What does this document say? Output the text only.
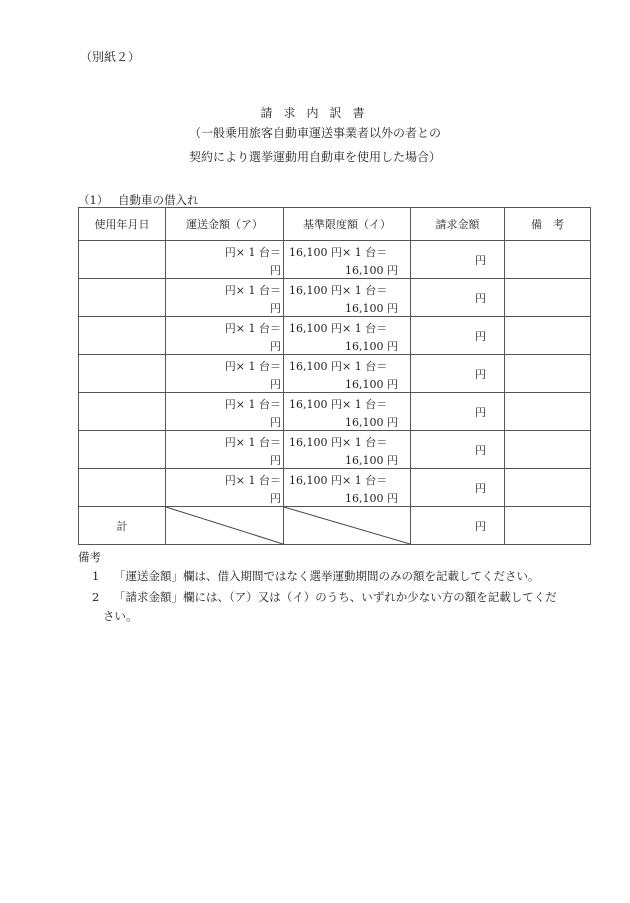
（別紙２）
請求内訳書
（一般乗用旅客自動車運送事業者以外の者との
契約により選挙運動用自動車を使用した場合）
（1） 自動車の借入れ
使用年月日	運送金額（ア）	基準限度額（イ）	請求金額	備　考

	円× 1 台＝
円	16,100 円× 1 台＝
16,100 円	円	

	円× 1 台＝
円	16,100 円× 1 台＝
16,100 円	円	

	円× 1 台＝
円	16,100 円× 1 台＝
16,100 円	円	

	円× 1 台＝
円	16,100 円× 1 台＝
16,100 円	円	

	円× 1 台＝
円	16,100 円× 1 台＝
16,100 円	円	

	円× 1 台＝
円	16,100 円× 1 台＝
16,100 円	円	

	円× 1 台＝
円	16,100 円× 1 台＝
16,100 円	円	
計			円	
備考
1 「運送金額」欄は、借入期間ではなく選挙運動期間のみの額を記載してください。
2 「請求金額」欄には、（ア）又は（イ）のうち、いずれか少ない方の額を記載してくだ
さい。
